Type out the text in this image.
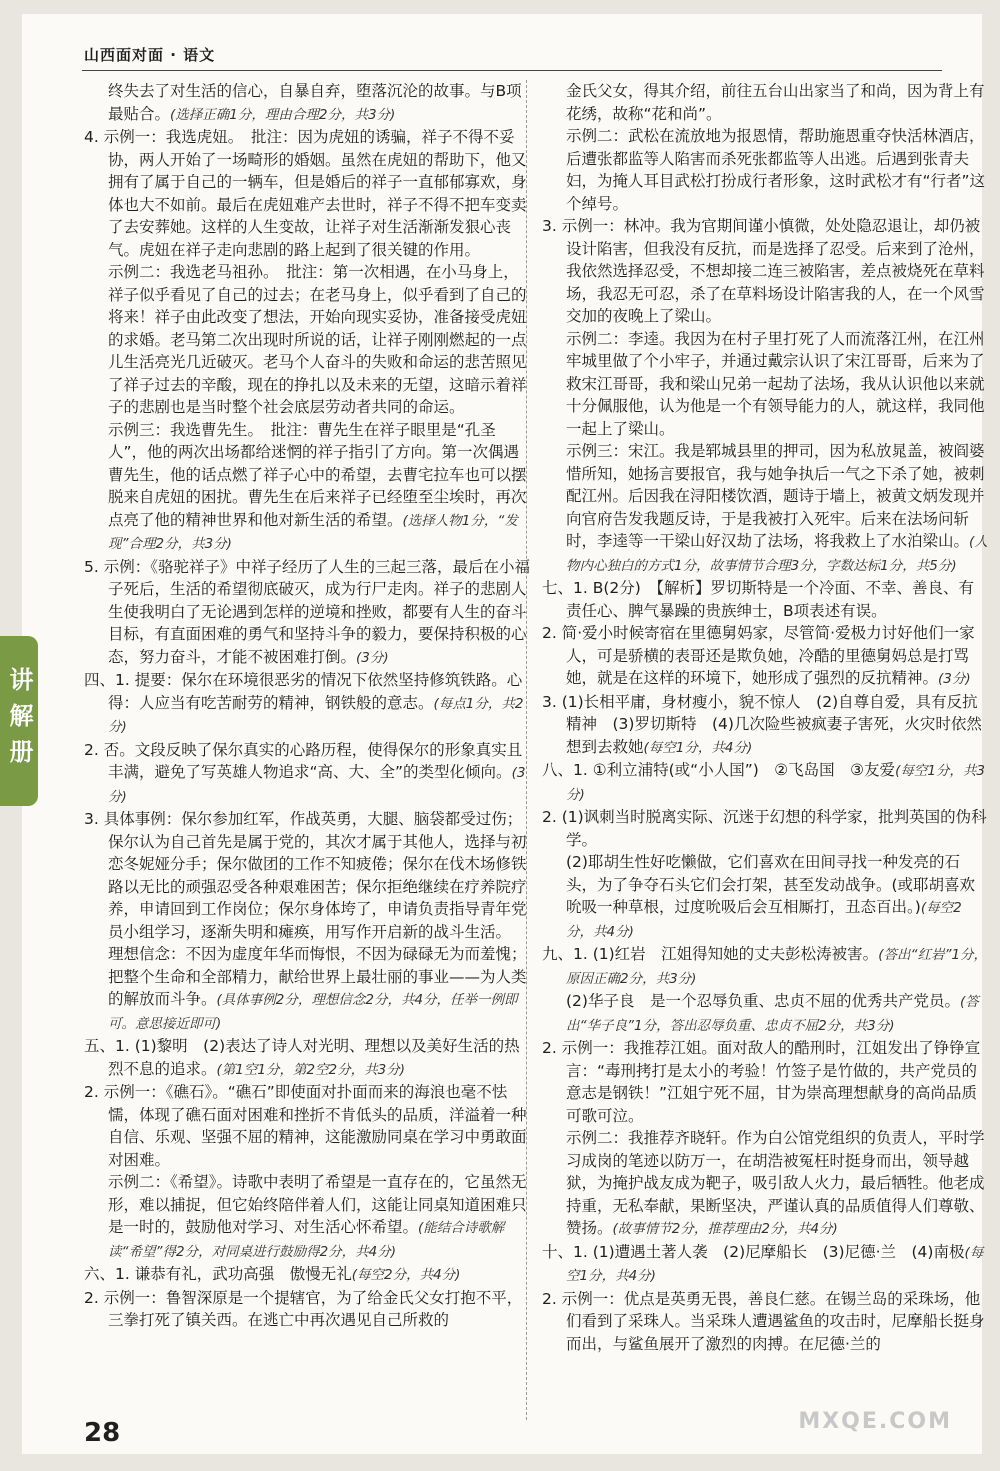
山西面对面 · 语文

终失去了对生活的信心，自暴自弃，堕落沉沦的故事。与B项最贴合。(选择正确1分，理由合理2分，共3分)

4. 示例一：我选虎妞。　批注：因为虎妞的诱骗，祥子不得不妥协，两人开始了一场畸形的婚姻。虽然在虎妞的帮助下，他又拥有了属于自己的一辆车，但是婚后的祥子一直郁郁寡欢，身体也大不如前。最后在虎妞难产去世时，祥子不得不把车变卖了去安葬她。这样的人生变故，让祥子对生活渐渐发狠心丧气。虎妞在祥子走向悲剧的路上起到了很关键的作用。

示例二：我选老马祖孙。　批注：第一次相遇，在小马身上，祥子似乎看见了自己的过去；在老马身上，似乎看到了自己的将来！祥子由此改变了想法，开始向现实妥协，准备接受虎妞的求婚。老马第二次出现时所说的话，让祥子刚刚燃起的一点儿生活亮光几近破灭。老马个人奋斗的失败和命运的悲苦照见了祥子过去的辛酸，现在的挣扎以及未来的无望，这暗示着祥子的悲剧也是当时整个社会底层劳动者共同的命运。

示例三：我选曹先生。　批注：曹先生在祥子眼里是“孔圣人”，他的两次出场都给迷惘的祥子指引了方向。第一次偶遇曹先生，他的话点燃了祥子心中的希望，去曹宅拉车也可以摆脱来自虎妞的困扰。曹先生在后来祥子已经堕至尘埃时，再次点亮了他的精神世界和他对新生活的希望。(选择人物1分，“发现”合理2分，共3分)

5. 示例：《骆驼祥子》中祥子经历了人生的三起三落，最后在小福子死后，生活的希望彻底破灭，成为行尸走肉。祥子的悲剧人生使我明白了无论遇到怎样的逆境和挫败，都要有人生的奋斗目标，有直面困难的勇气和坚持斗争的毅力，要保持积极的心态，努力奋斗，才能不被困难打倒。(3分)

四、1. 提要：保尔在环境很恶劣的情况下依然坚持修筑铁路。心得：人应当有吃苦耐劳的精神，钢铁般的意志。(每点1分，共2分)

2. 否。文段反映了保尔真实的心路历程，使得保尔的形象真实且丰满，避免了写英雄人物追求“高、大、全”的类型化倾向。(3分)

3. 具体事例：保尔参加红军，作战英勇，大腿、脑袋都受过伤；保尔认为自己首先是属于党的，其次才属于其他人，选择与初恋冬妮娅分手；保尔做团的工作不知疲倦；保尔在伐木场修铁路以无比的顽强忍受各种艰难困苦；保尔拒绝继续在疗养院疗养，申请回到工作岗位；保尔身体垮了，申请负责指导青年党员小组学习，逐渐失明和瘫痪，用写作开启新的战斗生活。

理想信念：不因为虚度年华而悔恨，不因为碌碌无为而羞愧；把整个生命和全部精力，献给世界上最壮丽的事业——为人类的解放而斗争。(具体事例2分，理想信念2分，共4分，任举一例即可。意思接近即可)

五、1. (1)黎明　(2)表达了诗人对光明、理想以及美好生活的热烈不息的追求。(第1空1分，第2空2分，共3分)

2. 示例一：《礁石》。“礁石”即使面对扑面而来的海浪也毫不怯懦，体现了礁石面对困难和挫折不肯低头的品质，洋溢着一种自信、乐观、坚强不屈的精神，这能激励同桌在学习中勇敢面对困难。

示例二：《希望》。诗歌中表明了希望是一直存在的，它虽然无形，难以捕捉，但它始终陪伴着人们，这能让同桌知道困难只是一时的，鼓励他对学习、对生活心怀希望。(能结合诗歌解读“希望”得2分，对同桌进行鼓励得2分，共4分)

六、1. 谦恭有礼，武功高强　傲慢无礼(每空2分，共4分)

2. 示例一：鲁智深原是一个提辖官，为了给金氏父女打抱不平，三拳打死了镇关西。在逃亡中再次遇见自己所救的

金氏父女，得其介绍，前往五台山出家当了和尚，因为背上有花绣，故称“花和尚”。

示例二：武松在流放地为报恩情，帮助施恩重夺快活林酒店，后遭张都监等人陷害而杀死张都监等人出逃。后遇到张青夫妇，为掩人耳目武松打扮成行者形象，这时武松才有“行者”这个绰号。

3. 示例一：林冲。我为官期间谨小慎微，处处隐忍退让，却仍被设计陷害，但我没有反抗，而是选择了忍受。后来到了沧州，我依然选择忍受，不想却接二连三被陷害，差点被烧死在草料场，我忍无可忍，杀了在草料场设计陷害我的人，在一个风雪交加的夜晚上了梁山。

示例二：李逵。我因为在村子里打死了人而流落江州，在江州牢城里做了个小牢子，并通过戴宗认识了宋江哥哥，后来为了救宋江哥哥，我和梁山兄弟一起劫了法场，我从认识他以来就十分佩服他，认为他是一个有领导能力的人，就这样，我同他一起上了梁山。

示例三：宋江。我是郓城县里的押司，因为私放晁盖，被阎婆惜所知，她扬言要报官，我与她争执后一气之下杀了她，被刺配江州。后因我在浔阳楼饮酒，题诗于墙上，被黄文炳发现并向官府告发我题反诗，于是我被打入死牢。后来在法场问斩时，李逵等一干梁山好汉劫了法场，将我救上了水泊梁山。(人物内心独白的方式1分，故事情节合理3分，字数达标1分，共5分)

七、1. B(2分)　【解析】罗切斯特是一个冷面、不幸、善良、有责任心、脾气暴躁的贵族绅士，B项表述有误。

2. 简·爱小时候寄宿在里德舅妈家，尽管简·爱极力讨好他们一家人，可是骄横的表哥还是欺负她，冷酷的里德舅妈总是打骂她，就是在这样的环境下，她形成了强烈的反抗精神。(3分)

3. (1)长相平庸，身材瘦小，貌不惊人　(2)自尊自爱，具有反抗精神　(3)罗切斯特　(4)几次险些被疯妻子害死，火灾时依然想到去救她(每空1分，共4分)

八、1. ①利立浦特(或“小人国”)　②飞岛国　③友爱(每空1分，共3分)

2. (1)讽刺当时脱离实际、沉迷于幻想的科学家，批判英国的伪科学。

(2)耶胡生性好吃懒做，它们喜欢在田间寻找一种发亮的石头，为了争夺石头它们会打架，甚至发动战争。(或耶胡喜欢吮吸一种草根，过度吮吸后会互相厮打，丑态百出。)(每空2分，共4分)

九、1. (1)红岩　江姐得知她的丈夫彭松涛被害。(答出“红岩”1分，原因正确2分，共3分)

(2)华子良　是一个忍辱负重、忠贞不屈的优秀共产党员。(答出“华子良”1分，答出忍辱负重、忠贞不屈2分，共3分)

2. 示例一：我推荐江姐。面对敌人的酷刑时，江姐发出了铮铮宣言：“毒刑拷打是太小的考验！竹签子是竹做的，共产党员的意志是钢铁！”江姐宁死不屈，甘为崇高理想献身的高尚品质可歌可泣。

示例二：我推荐齐晓轩。作为白公馆党组织的负责人，平时学习成岗的笔迹以防万一，在胡浩被冤枉时挺身而出，领导越狱，为掩护战友成为靶子，吸引敌人火力，最后牺牲。他老成持重，无私奉献，果断坚决，严谨认真的品质值得人们尊敬、赞扬。(故事情节2分，推荐理由2分，共4分)

十、1. (1)遭遇土著人袭　(2)尼摩船长　(3)尼德·兰　(4)南极(每空1分，共4分)

2. 示例一：优点是英勇无畏，善良仁慈。在锡兰岛的采珠场，他们看到了采珠人。当采珠人遭遇鲨鱼的攻击时，尼摩船长挺身而出，与鲨鱼展开了激烈的肉搏。在尼德·兰的

28	MXQE.COM
讲解册
